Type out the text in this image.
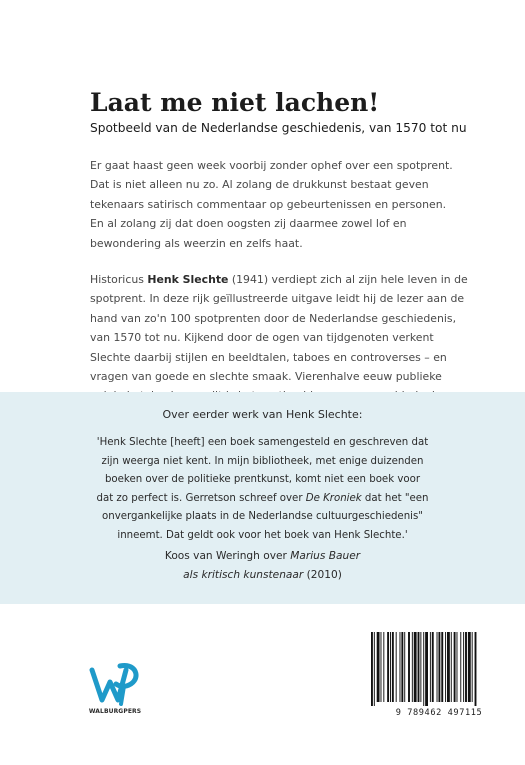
Laat me niet lachen!
Spotbeeld van de Nederlandse geschiedenis, van 1570 tot nu
Er gaat haast geen week voorbij zonder ophef over een spotprent.
Dat is niet alleen nu zo. Al zolang de drukkunst bestaat geven
tekenaars satirisch commentaar op gebeurtenissen en personen.
En al zolang zij dat doen oogsten zij daarmee zowel lof en
bewondering als weerzin en zelfs haat.
Historicus Henk Slechte (1941) verdiept zich al zijn hele leven in de
spotprent. In deze rijk geïllustreerde uitgave leidt hij de lezer aan de
hand van zo'n 100 spotprenten door de Nederlandse geschiedenis,
van 1570 tot nu. Kijkend door de ogen van tijdgenoten verkent
Slechte daarbij stijlen en beeldtalen, taboes en controverses – en
vragen van goede en slechte smaak. Vierenhalve eeuw publieke
Over eerder werk van Henk Slechte:
'Henk Slechte [heeft] een boek samengesteld en geschreven dat
zijn weerga niet kent. In mijn bibliotheek, met enige duizenden
boeken over de politieke prentkunst, komt niet een boek voor
dat zo perfect is. Gerretson schreef over De Kroniek dat het "een
onvergankelijke plaats in de Nederlandse cultuurgeschiedenis"
inneemt. Dat geldt ook voor het boek van Henk Slechte.'
Koos van Weringh over Marius Bauer
als kritisch kunstenaar (2010)
WALBURGPERS	9 789462 497115
